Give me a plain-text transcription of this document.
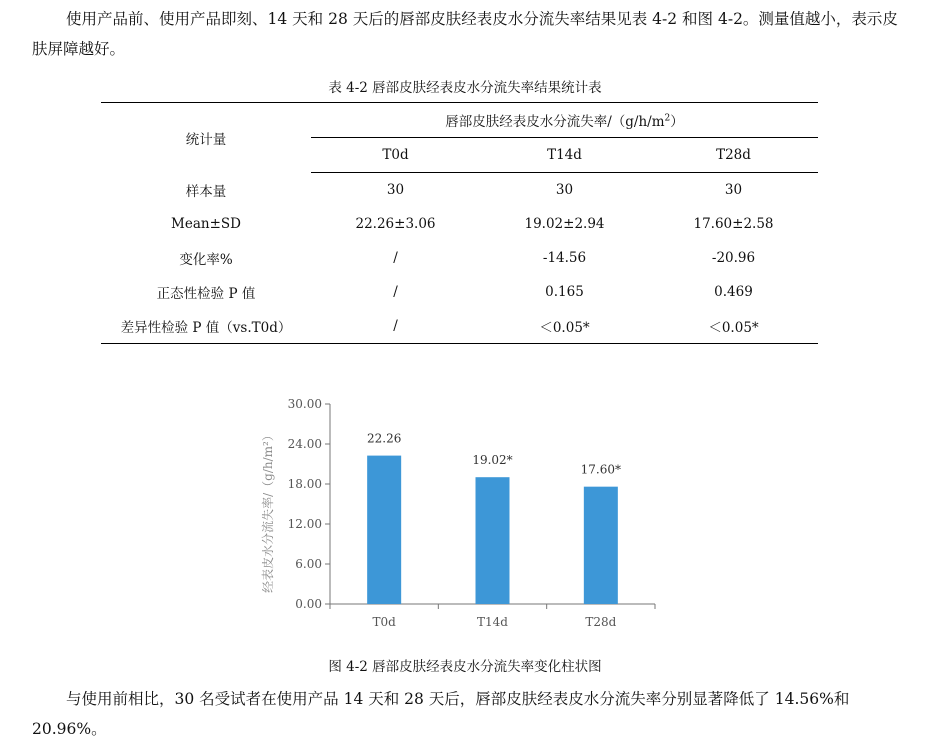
使用产品前、使用产品即刻、14 天和 28 天后的唇部皮肤经表皮水分流失率结果见表 4-2 和图 4-2。测量值越小，表示皮肤屏障越好。

表 4-2 唇部皮肤经表皮水分流失率结果统计表
统计量	唇部皮肤经表皮水分流失率$/(g/h/m^2)$		
	T0d	T14d	T28d
样本量	30	30	30
Mean±SD	22.26±3.06	19.02±2.94	17.60±2.58
变化率%	/	-14.56	-20.96
正态性检验 P 值	/	0.165	0.469
差异性检验 P 值（vs.T0d）	/	＜0.05*	＜0.05*
0.00
6.00
12.00
18.00
24.00
30.00
22.26
T0d
19.02*
T14d
17.60*
T28d
经表皮水分流失率/（g/h/m²）
图 4-2 唇部皮肤经表皮水分流失率变化柱状图

与使用前相比，30 名受试者在使用产品 14 天和 28 天后，唇部皮肤经表皮水分流失率分别显著降低了 14.56%和 20.96%。
